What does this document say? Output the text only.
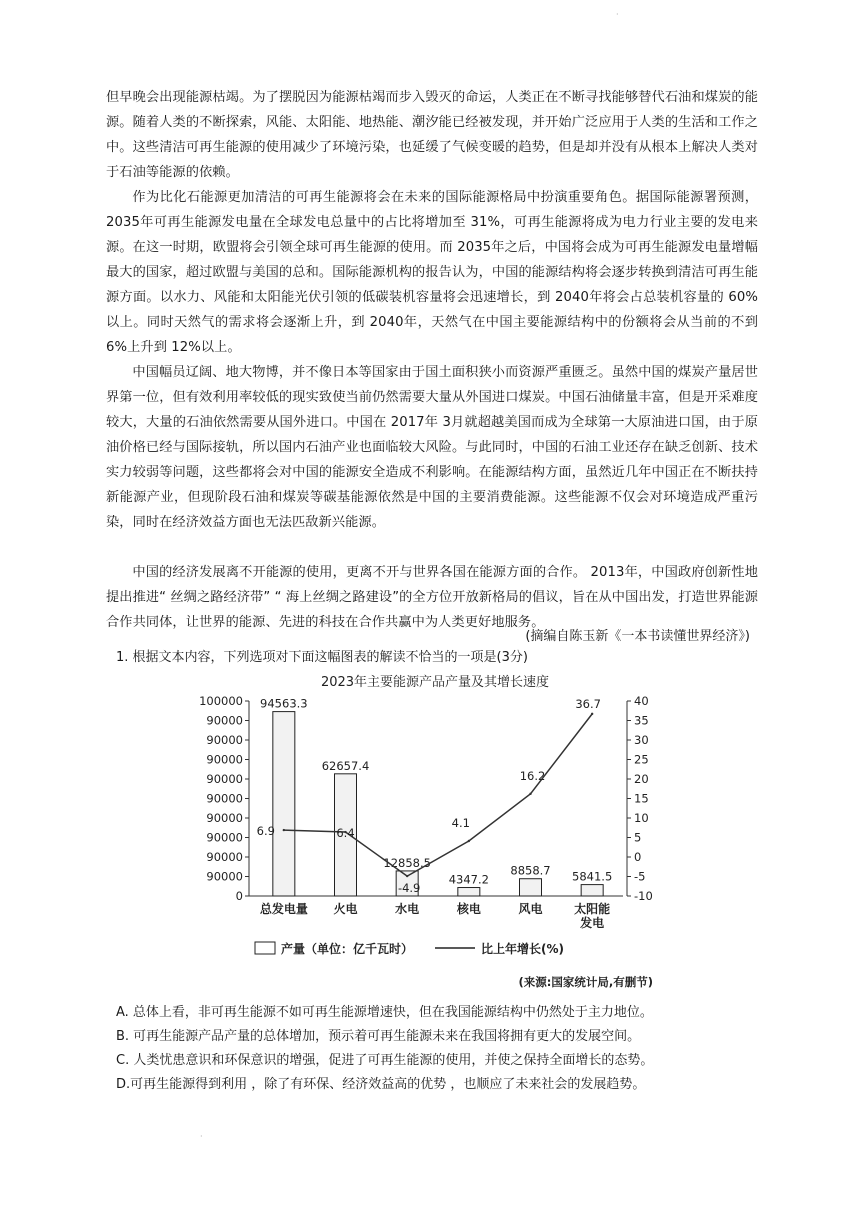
但早晚会出现能源枯竭。为了摆脱因为能源枯竭而步入毁灭的命运，人类正在不断寻找能够替代石油和煤炭的能源。随着人类的不断探索，风能、太阳能、地热能、潮汐能已经被发现，并开始广泛应用于人类的生活和工作之中。这些清洁可再生能源的使用减少了环境污染，也延缓了气候变暖的趋势，但是却并没有从根本上解决人类对于石油等能源的依赖。
作为比化石能源更加清洁的可再生能源将会在未来的国际能源格局中扮演重要角色。据国际能源署预测，2035年可再生能源发电量在全球发电总量中的占比将增加至 31%，可再生能源将成为电力行业主要的发电来源。在这一时期，欧盟将会引领全球可再生能源的使用。而 2035年之后，中国将会成为可再生能源发电量增幅最大的国家，超过欧盟与美国的总和。国际能源机构的报告认为，中国的能源结构将会逐步转换到清洁可再生能源方面。以水力、风能和太阳能光伏引领的低碳装机容量将会迅速增长，到 2040年将会占总装机容量的 60%以上。同时天然气的需求将会逐渐上升，到 2040年，天然气在中国主要能源结构中的份额将会从当前的不到 6%上升到 12%以上。
中国幅员辽阔、地大物博，并不像日本等国家由于国土面积狭小而资源严重匮乏。虽然中国的煤炭产量居世界第一位，但有效利用率较低的现实致使当前仍然需要大量从外国进口煤炭。中国石油储量丰富，但是开采难度较大，大量的石油依然需要从国外进口。中国在 2017年 3月就超越美国而成为全球第一大原油进口国，由于原油价格已经与国际接轨，所以国内石油产业也面临较大风险。与此同时，中国的石油工业还存在缺乏创新、技术实力较弱等问题，这些都将会对中国的能源安全造成不利影响。在能源结构方面，虽然近几年中国正在不断扶持新能源产业，但现阶段石油和煤炭等碳基能源依然是中国的主要消费能源。这些能源不仅会对环境造成严重污染，同时在经济效益方面也无法匹敌新兴能源。
中国的经济发展离不开能源的使用，更离不开与世界各国在能源方面的合作。 2013年，中国政府创新性地提出推进“ 丝绸之路经济带” “ 海上丝绸之路建设”的全方位开放新格局的倡议，旨在从中国出发，打造世界能源合作共同体，让世界的能源、先进的科技在合作共赢中为人类更好地服务。
(摘编自陈玉新《一本书读懂世界经济》)
1. 根据文本内容，下列选项对下面这幅图表的解读不恰当的一项是(3分)
2023年主要能源产品产量及其增长速度
100000
90000
90000
90000
90000
90000
90000
90000
90000
90000
0
40
35
30
25
20
15
10
5
0
-5
-10
总发电量 火电	水电	核电	风电	太阳能
发电
94563.3
62657.4
12858.5
4347.2
8858.7 5841.5
6.9	6.4
-4.9
4.1
16.2
36.7
产量（单位：亿千瓦时）	比上年增长(%)
(来源:国家统计局,有删节)
A. 总体上看，非可再生能源不如可再生能源增速快，但在我国能源结构中仍然处于主力地位。
B. 可再生能源产品产量的总体增加，预示着可再生能源未来在我国将拥有更大的发展空间。
C. 人类忧患意识和环保意识的增强，促进了可再生能源的使用，并使之保持全面增长的态势。
D.可再生能源得到利用 ，除了有环保、经济效益高的优势 ，也顺应了未来社会的发展趋势。
·
·
